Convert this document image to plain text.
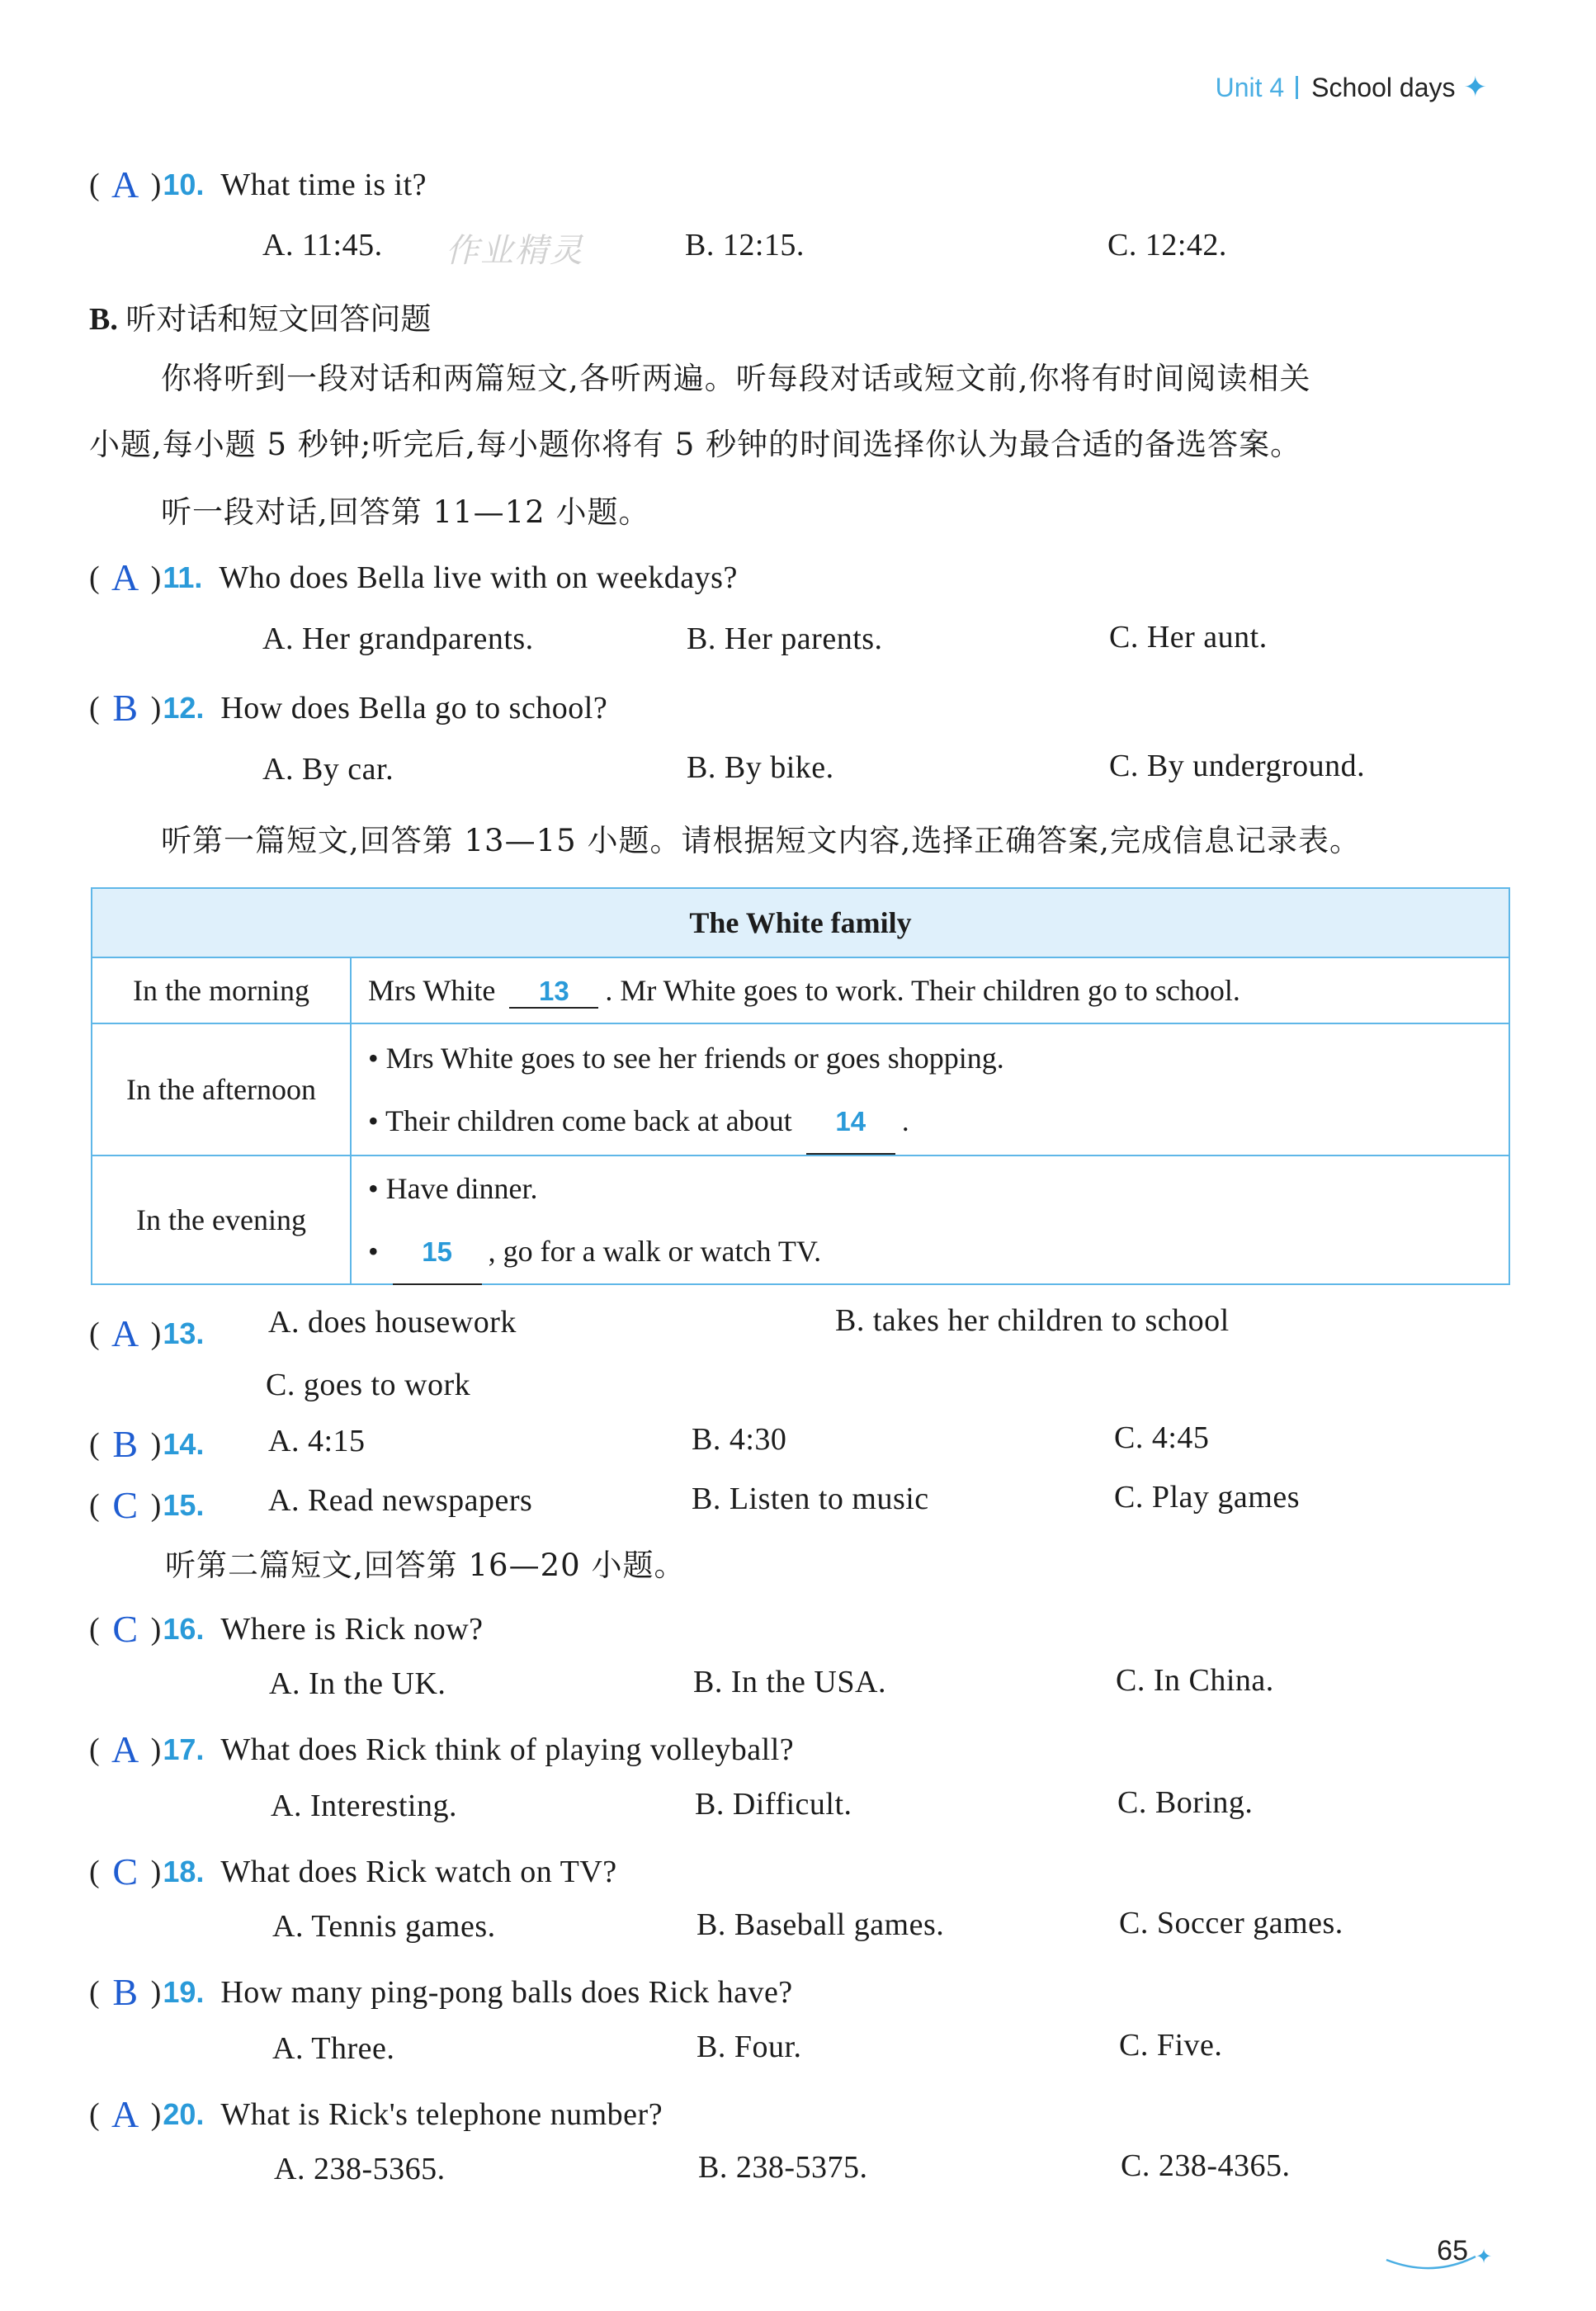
Unit 4 School days ✦
( A ) 10. What time is it?
A. 11:45.	B. 12:15.	C. 12:42.
作业精灵
B. 听对话和短文回答问题
你将听到一段对话和两篇短文,各听两遍。听每段对话或短文前,你将有时间阅读相关
小题,每小题 5 秒钟;听完后,每小题你将有 5 秒钟的时间选择你认为最合适的备选答案。
听一段对话,回答第 11—12 小题。
( A ) 11. Who does Bella live with on weekdays?
A. Her grandparents.	B. Her parents.	C. Her aunt.
( B ) 12. How does Bella go to school?
A. By car.	B. By bike.	C. By underground.
听第一篇短文,回答第 13—15 小题。请根据短文内容,选择正确答案,完成信息记录表。
The White family	
In the morning	Mrs White 13 . Mr White goes to work. Their children go to school.
In the afternoon	• Mrs White goes to see her friends or goes shopping.
• Their children come back at about 14 .

In the evening	• Have dinner.
• 15 , go for a walk or watch TV.
( A ) 13. A. does housework	B. takes her children to school
C. goes to work
( B ) 14. A. 4:15	B. 4:30	C. 4:45
( C ) 15. A. Read newspapers	B. Listen to music	C. Play games
听第二篇短文,回答第 16—20 小题。
( C ) 16. Where is Rick now?
A. In the UK.	B. In the USA.	C. In China.
( A ) 17. What does Rick think of playing volleyball?
A. Interesting.	B. Difficult.	C. Boring.
( C ) 18. What does Rick watch on TV?
A. Tennis games.	B. Baseball games.	C. Soccer games.
( B ) 19. How many ping-pong balls does Rick have?
A. Three.	B. Four.	C. Five.
( A ) 20. What is Rick's telephone number?
A. 238-5365.	B. 238-5375.	C. 238-4365.
✦
65
